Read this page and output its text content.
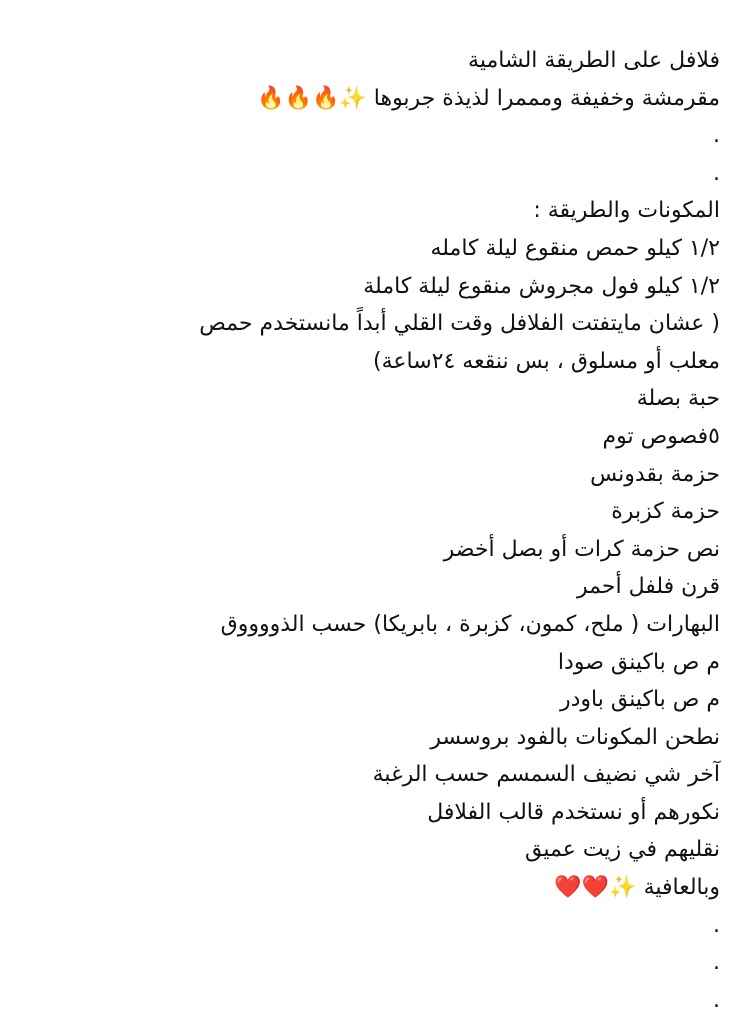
فلافل على الطريقة الشامية
مقرمشة وخفيفة ومممرا لذيذة جربوها ✨🔥🔥🔥
.
.
المكونات والطريقة :
١/٢ كيلو حمص منقوع ليلة كامله
١/٢ كيلو فول مجروش منقوع ليلة كاملة
( عشان مايتفتت الفلافل وقت القلي أبداً مانستخدم حمص
معلب أو مسلوق ، بس ننقعه ٢٤ساعة)
حبة بصلة
٥فصوص توم
حزمة بقدونس
حزمة كزبرة
نص حزمة كرات أو بصل أخضر
قرن فلفل أحمر
البهارات ( ملح، كمون، كزبرة ، بابريكا) حسب الذووووق
م ص باكينق صودا
م ص باكينق باودر
نطحن المكونات بالفود بروسسر
آخر شي نضيف السمسم حسب الرغبة
نكورهم أو نستخدم قالب الفلافل
نقليهم في زيت عميق
وبالعافية ✨❤️❤️
.
.
.
